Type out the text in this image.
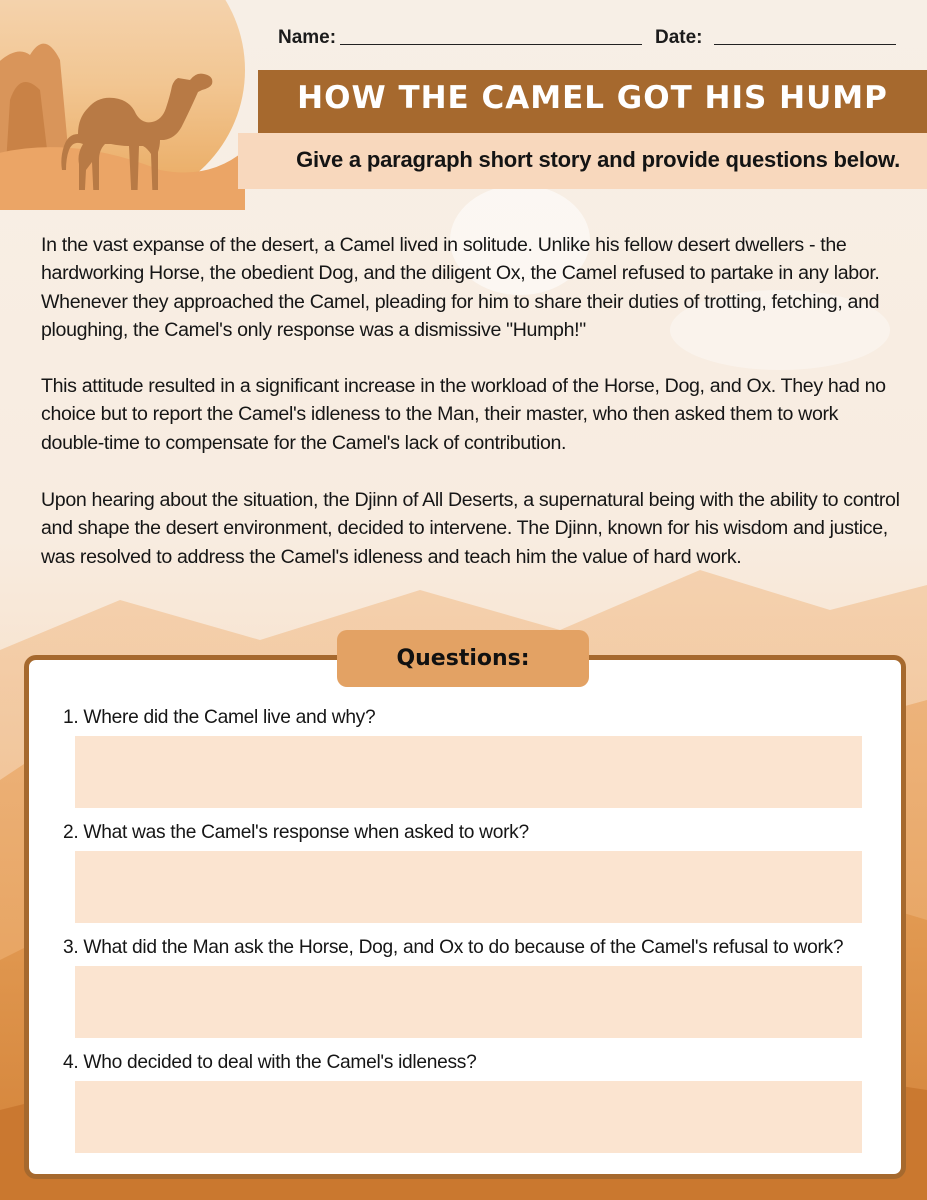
Name:	Date:
HOW THE CAMEL GOT HIS HUMP
Give a paragraph short story and provide questions below.
In the vast expanse of the desert, a Camel lived in solitude. Unlike his fellow desert dwellers - the hardworking Horse, the obedient Dog, and the diligent Ox, the Camel refused to partake in any labor. Whenever they approached the Camel, pleading for him to share their duties of trotting, fetching, and ploughing, the Camel's only response was a dismissive "Humph!"
This attitude resulted in a significant increase in the workload of the Horse, Dog, and Ox. They had no choice but to report the Camel's idleness to the Man, their master, who then asked them to work double-time to compensate for the Camel's lack of contribution.
Upon hearing about the situation, the Djinn of All Deserts, a supernatural being with the ability to control and shape the desert environment, decided to intervene. The Djinn, known for his wisdom and justice, was resolved to address the Camel's idleness and teach him the value of hard work.
Questions:
1. Where did the Camel live and why?
2. What was the Camel's response when asked to work?
3. What did the Man ask the Horse, Dog, and Ox to do because of the Camel's refusal to work?
4. Who decided to deal with the Camel's idleness?
